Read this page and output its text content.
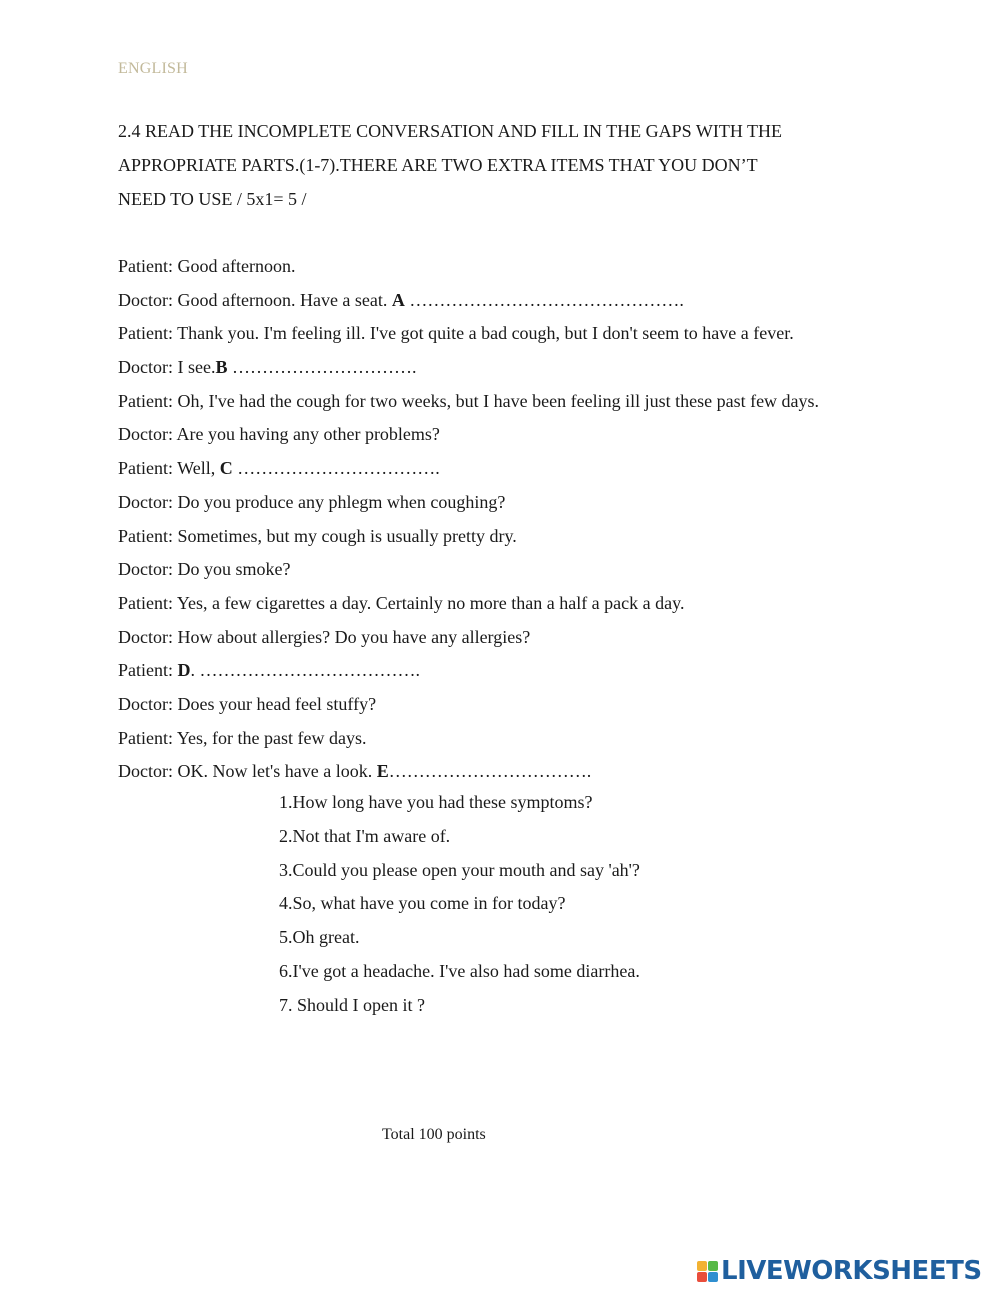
ENGLISH
2.4 READ THE INCOMPLETE CONVERSATION AND FILL IN THE GAPS WITH THE
APPROPRIATE PARTS.(1-7).THERE ARE TWO EXTRA ITEMS THAT YOU DON’T
NEED TO USE / 5x1= 5 /
Patient: Good afternoon.
Doctor: Good afternoon. Have a seat. A ……………………………………….
Patient: Thank you. I'm feeling ill. I've got quite a bad cough, but I don't seem to have a fever.
Doctor: I see.B ………………………….
Patient: Oh, I've had the cough for two weeks, but I have been feeling ill just these past few days.
Doctor: Are you having any other problems?
Patient: Well, C …………………………….
Doctor: Do you produce any phlegm when coughing?
Patient: Sometimes, but my cough is usually pretty dry.
Doctor: Do you smoke?
Patient: Yes, a few cigarettes a day. Certainly no more than a half a pack a day.
Doctor: How about allergies? Do you have any allergies?
Patient: D. ……………………………….
Doctor: Does your head feel stuffy?
Patient: Yes, for the past few days.
Doctor: OK. Now let's have a look. E…………………………….
1.How long have you had these symptoms?
2.Not that I'm aware of.
3.Could you please open your mouth and say 'ah'?
4.So, what have you come in for today?
5.Oh great.
6.I've got a headache. I've also had some diarrhea.
7. Should I open it ?
Total 100 points
LIVEWORKSHEETS
